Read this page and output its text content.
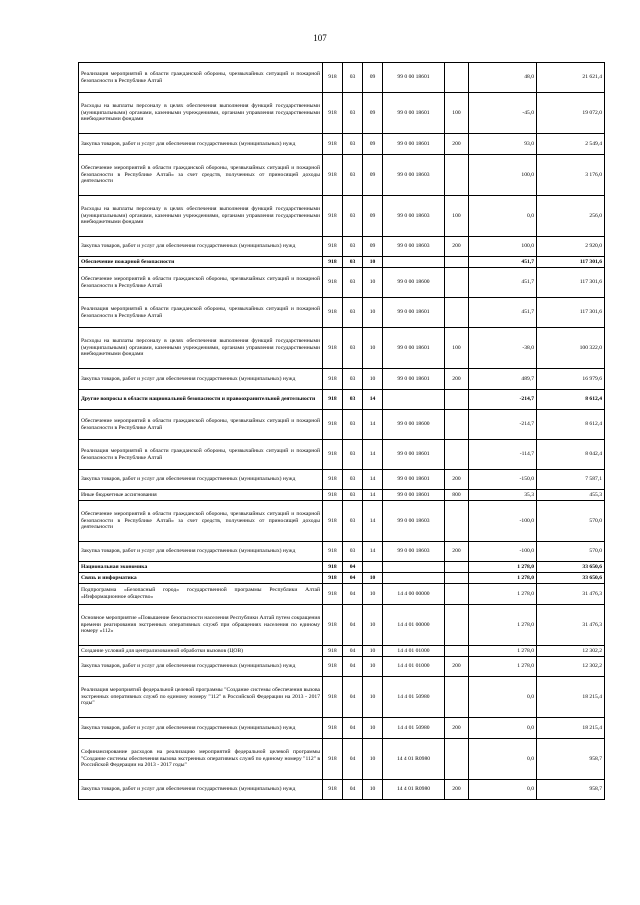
107
Реализация мероприятий в области гражданской обороны, чрезвычайных ситуаций и пожарной безопасности в Республике Алтай	918	03	09	99 0 00 18601		48,0	21 621,4
Расходы на выплаты персоналу в целях обеспечения выполнения функций государственными (муниципальными) органами, казенными учреждениями, органами управления государственными внебюджетными фондами	918	03	09	99 0 00 18601	100	-45,0	19 072,0
Закупка товаров, работ и услуг для обеспечения государственных (муниципальных) нужд	918	03	09	99 0 00 18601	200	93,0	2 549,4
Обеспечение мероприятий в области гражданской обороны, чрезвычайных ситуаций и пожарной безопасности в Республике Алтай» за счет средств, полученных от приносящей доходы деятельности	918	03	09	99 0 00 18603		100,0	3 176,0
Расходы на выплаты персоналу в целях обеспечения выполнения функций государственными (муниципальными) органами, казенными учреждениями, органами управления государственными внебюджетными фондами	918	03	09	99 0 00 18603	100	0,0	256,0
Закупка товаров, работ и услуг для обеспечения государственных (муниципальных) нужд	918	03	09	99 0 00 18603	200	100,0	2 920,0
Обеспечение пожарной безопасности	918	03	10			451,7	117 301,6
Обеспечение мероприятий в области гражданской обороны, чрезвычайных ситуаций и пожарной безопасности в Республике Алтай	918	03	10	99 0 00 18600		451,7	117 301,6
Реализация мероприятий в области гражданской обороны, чрезвычайных ситуаций и пожарной безопасности в Республике Алтай	918	03	10	99 0 00 18601		451,7	117 301,6
Расходы на выплаты персоналу в целях обеспечения выполнения функций государственными (муниципальными) органами, казенными учреждениями, органами управления государственными внебюджетными фондами	918	03	10	99 0 00 18601	100	-38,0	100 322,0
Закупка товаров, работ и услуг для обеспечения государственных (муниципальных) нужд	918	03	10	99 0 00 18601	200	489,7	16 979,6
Другие вопросы в области национальной безопасности и правоохранительной деятельности	918	03	14			-214,7	8 612,4
Обеспечение мероприятий в области гражданской обороны, чрезвычайных ситуаций и пожарной безопасности в Республике Алтай	918	03	14	99 0 00 18600		-214,7	8 612,4
Реализация мероприятий в области гражданской обороны, чрезвычайных ситуаций и пожарной безопасности в Республике Алтай	918	03	14	99 0 00 18601		-114,7	8 042,4
Закупка товаров, работ и услуг для обеспечения государственных (муниципальных) нужд	918	03	14	99 0 00 18601	200	-150,0	7 587,1
Иные бюджетные ассигнования	918	03	14	99 0 00 18601	800	35,3	455,3
Обеспечение мероприятий в области гражданской обороны, чрезвычайных ситуаций и пожарной безопасности в Республике Алтай» за счет средств, полученных от приносящей доходы деятельности	918	03	14	99 0 00 18603		-100,0	570,0
Закупка товаров, работ и услуг для обеспечения государственных (муниципальных) нужд	918	03	14	99 0 00 18603	200	-100,0	570,0
Национальная экономика	918	04				1 278,0	33 650,6
Связь и информатика	918	04	10			1 278,0	33 650,6
Подпрограмма «Безопасный город» государственной программы Республики Алтай «Информационное общество»	918	04	10	14 4 00 00000		1 278,0	31 476,3
Основное мероприятие «Повышение безопасности населения Республики Алтай путем сокращения времени реагирования экстренных оперативных служб при обращениях населения по единому номеру «112»	918	04	10	14 4 01 00000		1 278,0	31 476,3
Создание условий для централизованной обработки вызовов (ЦОВ)	918	04	10	14 4 01 01000		1 278,0	12 302,2
Закупка товаров, работ и услуг для обеспечения государственных (муниципальных) нужд	918	04	10	14 4 01 01000	200	1 278,0	12 302,2
Реализация мероприятий федеральной целевой программы "Создание системы обеспечения вызова экстренных оперативных служб по единому номеру "112" в Российской Федерации на 2013 - 2017 годы"	918	04	10	14 4 01 50980		0,0	18 215,4
Закупка товаров, работ и услуг для обеспечения государственных (муниципальных) нужд	918	04	10	14 4 01 50980	200	0,0	18 215,4
Софинансирование расходов на реализацию мероприятий федеральной целевой программы "Создание системы обеспечения вызова экстренных оперативных служб по единому номеру "112" в Российской Федерации на 2013 - 2017 годы"	918	04	10	14 4 01 R0980		0,0	958,7
Закупка товаров, работ и услуг для обеспечения государственных (муниципальных) нужд	918	04	10	14 4 01 R0980	200	0,0	958,7
